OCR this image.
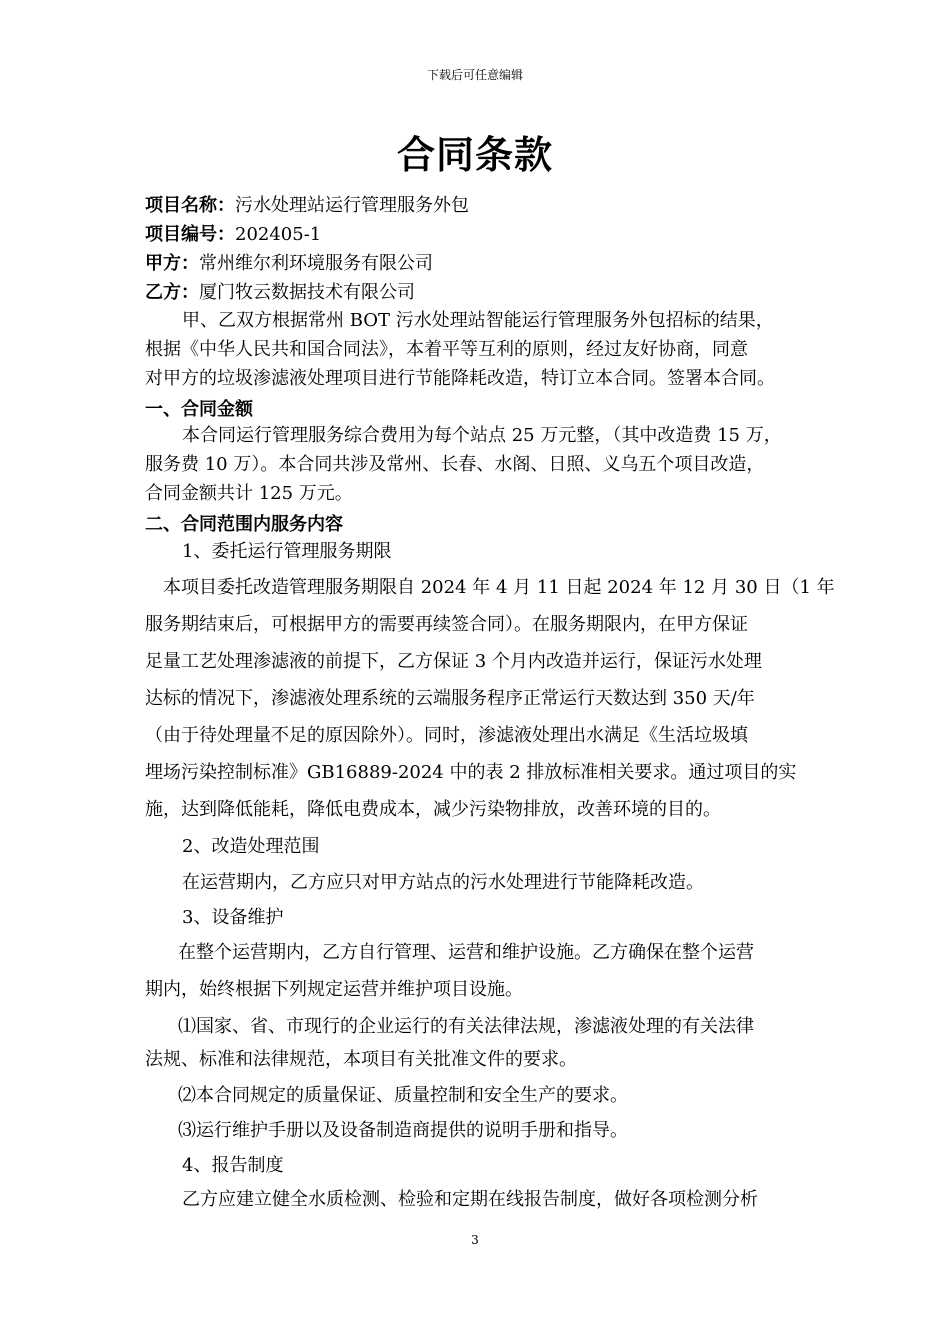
下载后可任意编辑
合同条款
项目名称：污水处理站运行管理服务外包
项目编号：202405-1
甲方：常州维尔利环境服务有限公司
乙方：厦门牧云数据技术有限公司
甲、乙双方根据常州 BOT 污水处理站智能运行管理服务外包招标的结果，
根据《中华人民共和国合同法》，本着平等互利的原则，经过友好协商，同意
对甲方的垃圾渗滤液处理项目进行节能降耗改造，特订立本合同。签署本合同。
一、合同金额
本合同运行管理服务综合费用为每个站点 25 万元整，（其中改造费 15 万，
服务费 10 万）。本合同共涉及常州、长春、水阁、日照、义乌五个项目改造，
合同金额共计 125 万元。
二、合同范围内服务内容
1、委托运行管理服务期限
本项目委托改造管理服务期限自 2024 年 4 月 11 日起 2024 年 12 月 30 日（1 年
服务期结束后，可根据甲方的需要再续签合同）。在服务期限内，在甲方保证
足量工艺处理渗滤液的前提下，乙方保证 3 个月内改造并运行，保证污水处理
达标的情况下，渗滤液处理系统的云端服务程序正常运行天数达到 350 天/年
（由于待处理量不足的原因除外）。同时，渗滤液处理出水满足《生活垃圾填
埋场污染控制标准》GB16889-2024 中的表 2 排放标准相关要求。通过项目的实
施，达到降低能耗，降低电费成本，减少污染物排放，改善环境的目的。
2、改造处理范围
在运营期内，乙方应只对甲方站点的污水处理进行节能降耗改造。
3、设备维护
在整个运营期内，乙方自行管理、运营和维护设施。乙方确保在整个运营
期内，始终根据下列规定运营并维护项目设施。
⑴国家、省、市现行的企业运行的有关法律法规，渗滤液处理的有关法律
法规、标准和法律规范，本项目有关批准文件的要求。
⑵本合同规定的质量保证、质量控制和安全生产的要求。
⑶运行维护手册以及设备制造商提供的说明手册和指导。
4、报告制度
乙方应建立健全水质检测、检验和定期在线报告制度，做好各项检测分析
3
